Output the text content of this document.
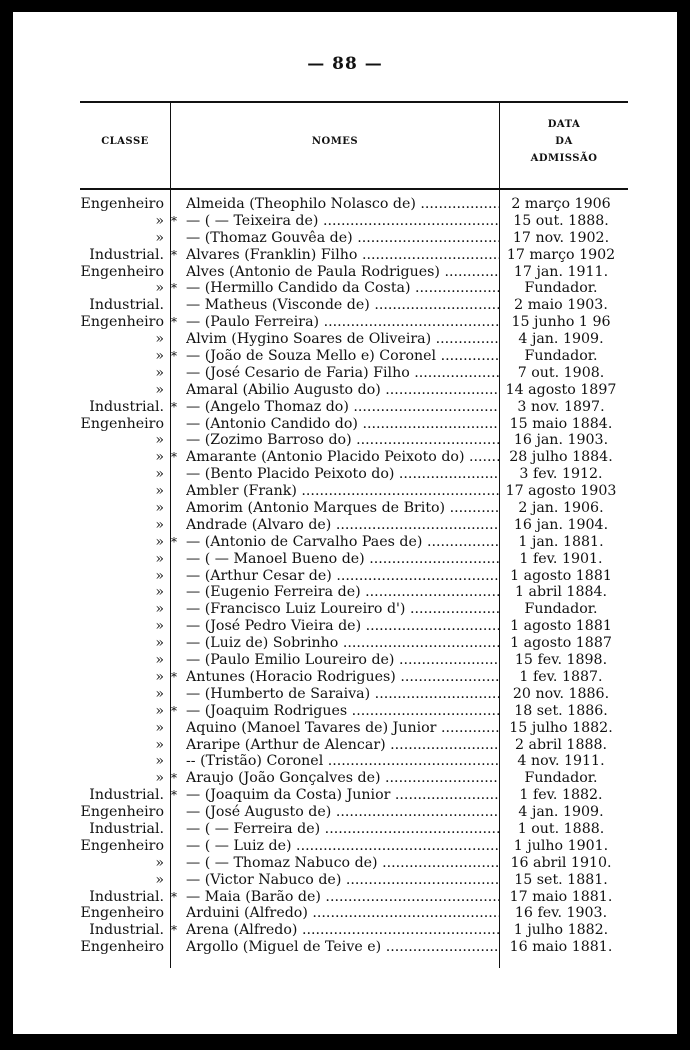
— 88 —
CLASSE	NOMES
DATA
DA
ADMISSÃO
Engenheiro Almeida (Theophilo Nolasco de) .....	2 março 1906
» * — ( — Teixeira de) .....	15 out. 1888.
» — (Thomaz Gouvêa de) .....	17 nov. 1902.
Industrial. * Alvares (Franklin) Filho .....	17 março 1902
Engenheiro Alves (Antonio de Paula Rodrigues) .....	17 jan. 1911.
» * — (Hermillo Candido da Costa) .....	Fundador.
Industrial. — Matheus (Visconde de) .....	2 maio 1903.
Engenheiro * — (Paulo Ferreira) .....	15 junho 1 96
» Alvim (Hygino Soares de Oliveira) .....	4 jan. 1909.
» * — (João de Souza Mello e) Coronel .....	Fundador.
» — (José Cesario de Faria) Filho .....	7 out. 1908.
» Amaral (Abilio Augusto do) .....	14 agosto 1897
Industrial. * — (Angelo Thomaz do) .....	3 nov. 1897.
Engenheiro — (Antonio Candido do) .....	15 maio 1884.
» — (Zozimo Barroso do) .....	16 jan. 1903.
» * Amarante (Antonio Placido Peixoto do) .....	28 julho 1884.
» — (Bento Placido Peixoto do) .....	3 fev. 1912.
» Ambler (Frank) .....	17 agosto 1903
» Amorim (Antonio Marques de Brito) .....	2 jan. 1906.
» Andrade (Alvaro de) .....	16 jan. 1904.
» * — (Antonio de Carvalho Paes de) .....	1 jan. 1881.
» — ( — Manoel Bueno de) .....	1 fev. 1901.
» — (Arthur Cesar de) .....	1 agosto 1881
» — (Eugenio Ferreira de) .....	1 abril 1884.
» — (Francisco Luiz Loureiro d') .....	Fundador.
» — (José Pedro Vieira de) .....	1 agosto 1881
» — (Luiz de) Sobrinho .....	1 agosto 1887
» — (Paulo Emilio Loureiro de) .....	15 fev. 1898.
» * Antunes (Horacio Rodrigues) .....	1 fev. 1887.
» — (Humberto de Saraiva) .....	20 nov. 1886.
» * — (Joaquim Rodrigues .....	18 set. 1886.
» Aquino (Manoel Tavares de) Junior .....	15 julho 1882.
» Araripe (Arthur de Alencar) .....	2 abril 1888.
» -- (Tristão) Coronel .....	4 nov. 1911.
» * Araujo (João Gonçalves de) .....	Fundador.
Industrial. * — (Joaquim da Costa) Junior .....	1 fev. 1882.
Engenheiro — (José Augusto de) .....	4 jan. 1909.
Industrial. — ( — Ferreira de) .....	1 out. 1888.
Engenheiro — ( — Luiz de) .....	1 julho 1901.
» — ( — Thomaz Nabuco de) .....	16 abril 1910.
» — (Victor Nabuco de) .....	15 set. 1881.
Industrial. * — Maia (Barão de) .....	17 maio 1881.
Engenheiro Arduini (Alfredo) .....	16 fev. 1903.
Industrial. * Arena (Alfredo) .....	1 julho 1882.
Engenheiro Argollo (Miguel de Teive e) .....	16 maio 1881.
